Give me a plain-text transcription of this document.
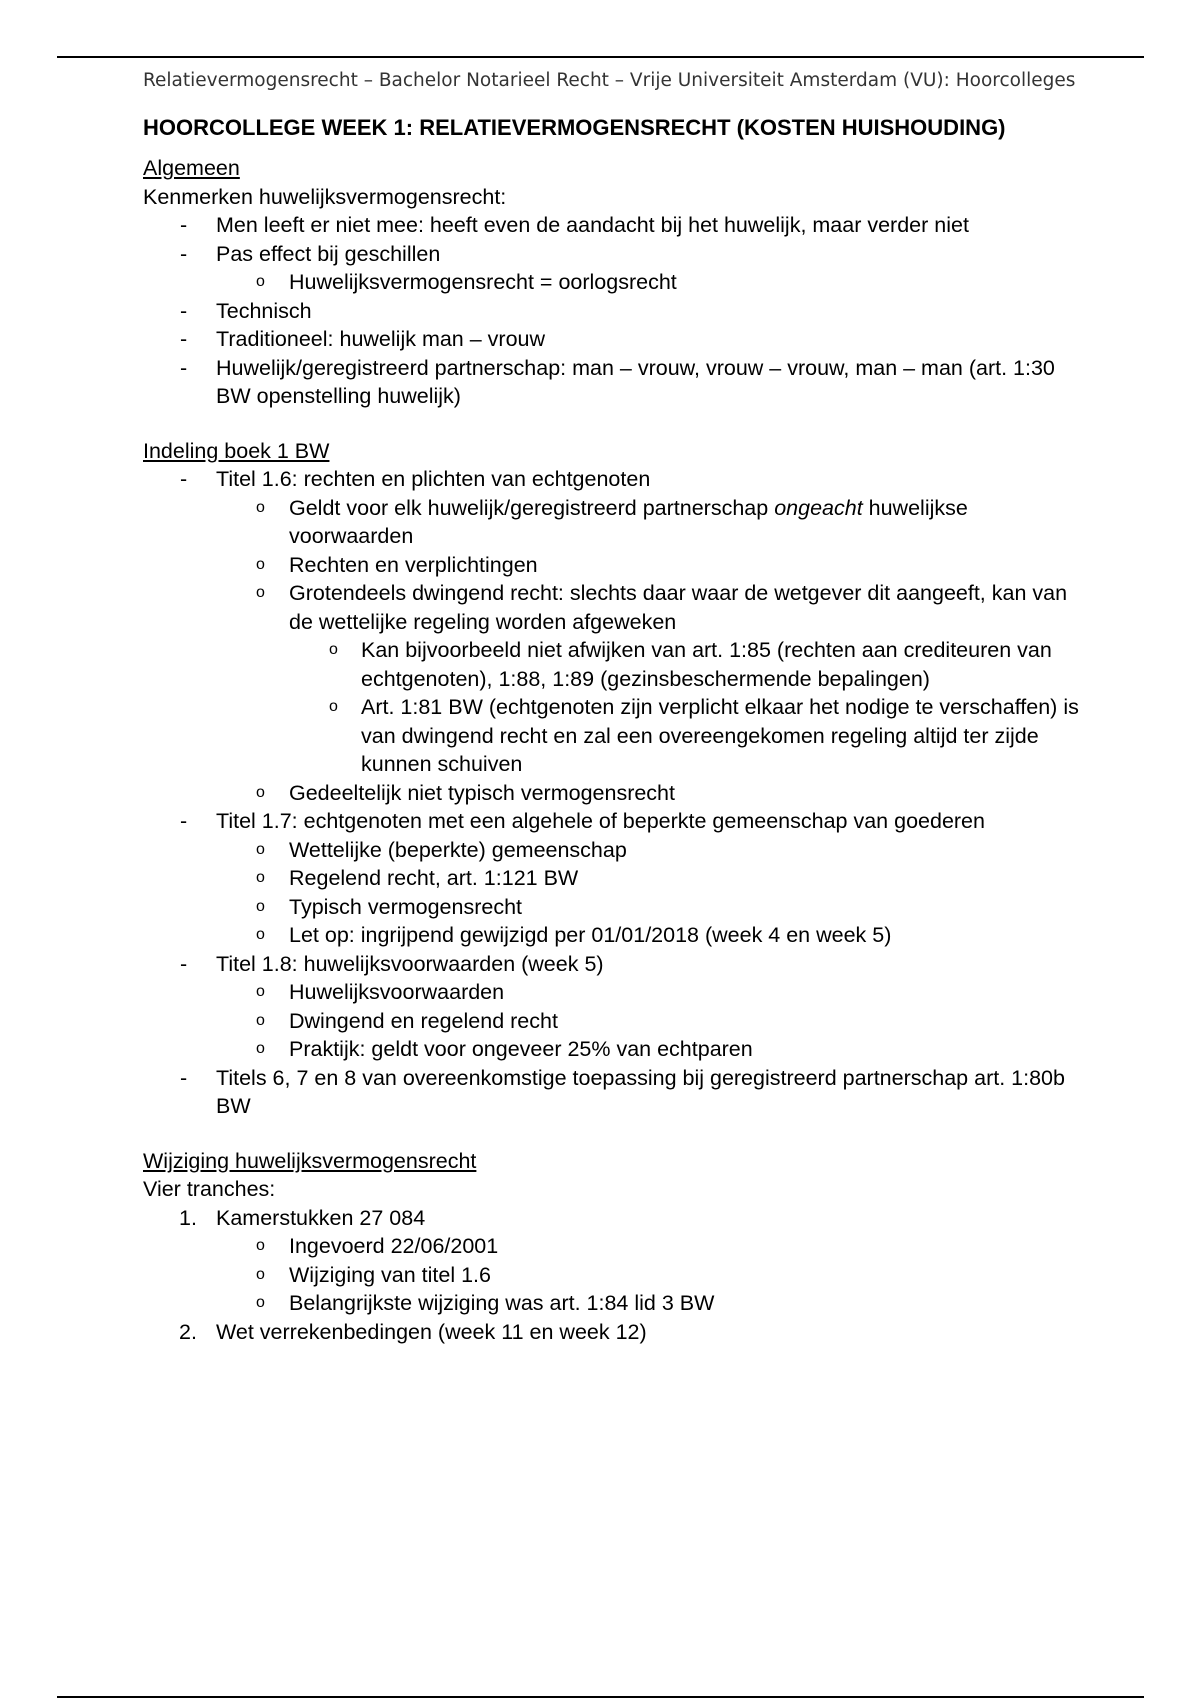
Relatievermogensrecht – Bachelor Notarieel Recht – Vrije Universiteit Amsterdam (VU): Hoorcolleges
HOORCOLLEGE WEEK 1: RELATIEVERMOGENSRECHT (KOSTEN HUISHOUDING)
Algemeen
Kenmerken huwelijksvermogensrecht:
- Men leeft er niet mee: heeft even de aandacht bij het huwelijk, maar verder niet
- Pas effect bij geschillen
o Huwelijksvermogensrecht = oorlogsrecht
- Technisch
- Traditioneel: huwelijk man – vrouw
- Huwelijk/geregistreerd partnerschap: man – vrouw, vrouw – vrouw, man – man (art. 1:30 BW openstelling huwelijk)
Indeling boek 1 BW
- Titel 1.6: rechten en plichten van echtgenoten
o Geldt voor elk huwelijk/geregistreerd partnerschap ongeacht huwelijkse voorwaarden
o Rechten en verplichtingen
o Grotendeels dwingend recht: slechts daar waar de wetgever dit aangeeft, kan van de wettelijke regeling worden afgeweken
o Kan bijvoorbeeld niet afwijken van art. 1:85 (rechten aan crediteuren van echtgenoten), 1:88, 1:89 (gezinsbeschermende bepalingen)
o Art. 1:81 BW (echtgenoten zijn verplicht elkaar het nodige te verschaffen) is van dwingend recht en zal een overeengekomen regeling altijd ter zijde kunnen schuiven
o Gedeeltelijk niet typisch vermogensrecht
- Titel 1.7: echtgenoten met een algehele of beperkte gemeenschap van goederen
o Wettelijke (beperkte) gemeenschap
o Regelend recht, art. 1:121 BW
o Typisch vermogensrecht
o Let op: ingrijpend gewijzigd per 01/01/2018 (week 4 en week 5)
- Titel 1.8: huwelijksvoorwaarden (week 5)
o Huwelijksvoorwaarden
o Dwingend en regelend recht
o Praktijk: geldt voor ongeveer 25% van echtparen
- Titels 6, 7 en 8 van overeenkomstige toepassing bij geregistreerd partnerschap art. 1:80b BW
Wijziging huwelijksvermogensrecht
Vier tranches:
1. Kamerstukken 27 084
o Ingevoerd 22/06/2001
o Wijziging van titel 1.6
o Belangrijkste wijziging was art. 1:84 lid 3 BW
2. Wet verrekenbedingen (week 11 en week 12)
